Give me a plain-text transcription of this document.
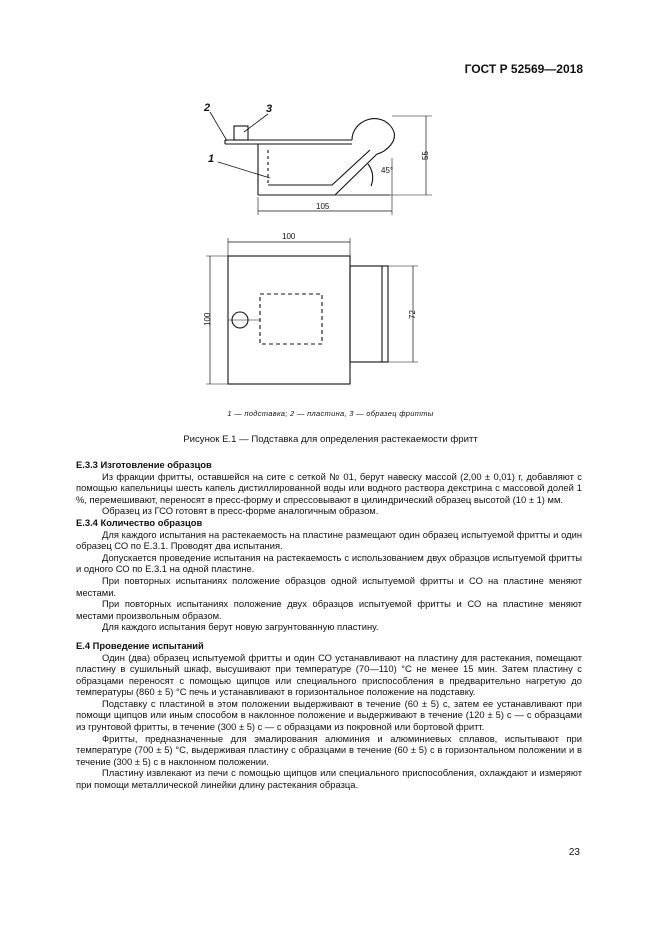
ГОСТ Р 52569—2018
2	3
1
45°
55
105
100
100	72
1 — подставка; 2 — пластина, 3 — образец фритты
Рисунок Е.1 — Подставка для определения растекаемости фритт
Е.3.3 Изготовление образцов

Из фракции фритты, оставшейся на сите с сеткой № 01, берут навеску массой (2,00 ± 0,01) г, добавляют с помощью капельницы шесть капель дистиллированной воды или водного раствора декстрина с массовой долей 1 %, перемешивают, переносят в пресс-форму и спрессовывают в цилиндрический образец высотой (10 ± 1) мм.

Образец из ГСО готовят в пресс-форме аналогичным образом.

Е.3.4 Количество образцов

Для каждого испытания на растекаемость на пластине размещают один образец испытуемой фритты и один образец СО по Е.3.1. Проводят два испытания.

Допускается проведение испытания на растекаемость с использованием двух образцов испытуемой фритты и одного СО по Е.3.1 на одной пластине.

При повторных испытаниях положение образцов одной испытуемой фритты и СО на пластине меняют местами.

При повторных испытаниях положение двух образцов испытуемой фритты и СО на пластине меняют местами произвольным образом.

Для каждого испытания берут новую загрунтованную пластину.

Е.4 Проведение испытаний

Один (два) образец испытуемой фритты и один СО устанавливают на пластину для растекания, помещают пластину в сушильный шкаф, высушивают при температуре (70—110) °С не менее 15 мин. Затем пластину с образцами переносят с помощью щипцов или специального приспособления в предварительно нагретую до температуры (860 ± 5) °С печь и устанавливают в горизонтальное положение на подставку.

Подставку с пластиной в этом положении выдерживают в течение (60 ± 5) с, затем ее устанавливают при помощи щипцов или иным способом в наклонное положение и выдерживают в течение (120 ± 5) с — с образцами из грунтовой фритты, в течение (300 ± 5) с — с образцами из покровной или бортовой фритт.

Фритты, предназначенные для эмалирования алюминия и алюминиевых сплавов, испытывают при температуре (700 ± 5) °С, выдерживая пластину с образцами в течение (60 ± 5) с в горизонтальном положении и в течение (300 ± 5) с в наклонном положении.

Пластину извлекают из печи с помощью щипцов или специального приспособления, охлаждают и измеряют при помощи металлической линейки длину растекания образца.

23
